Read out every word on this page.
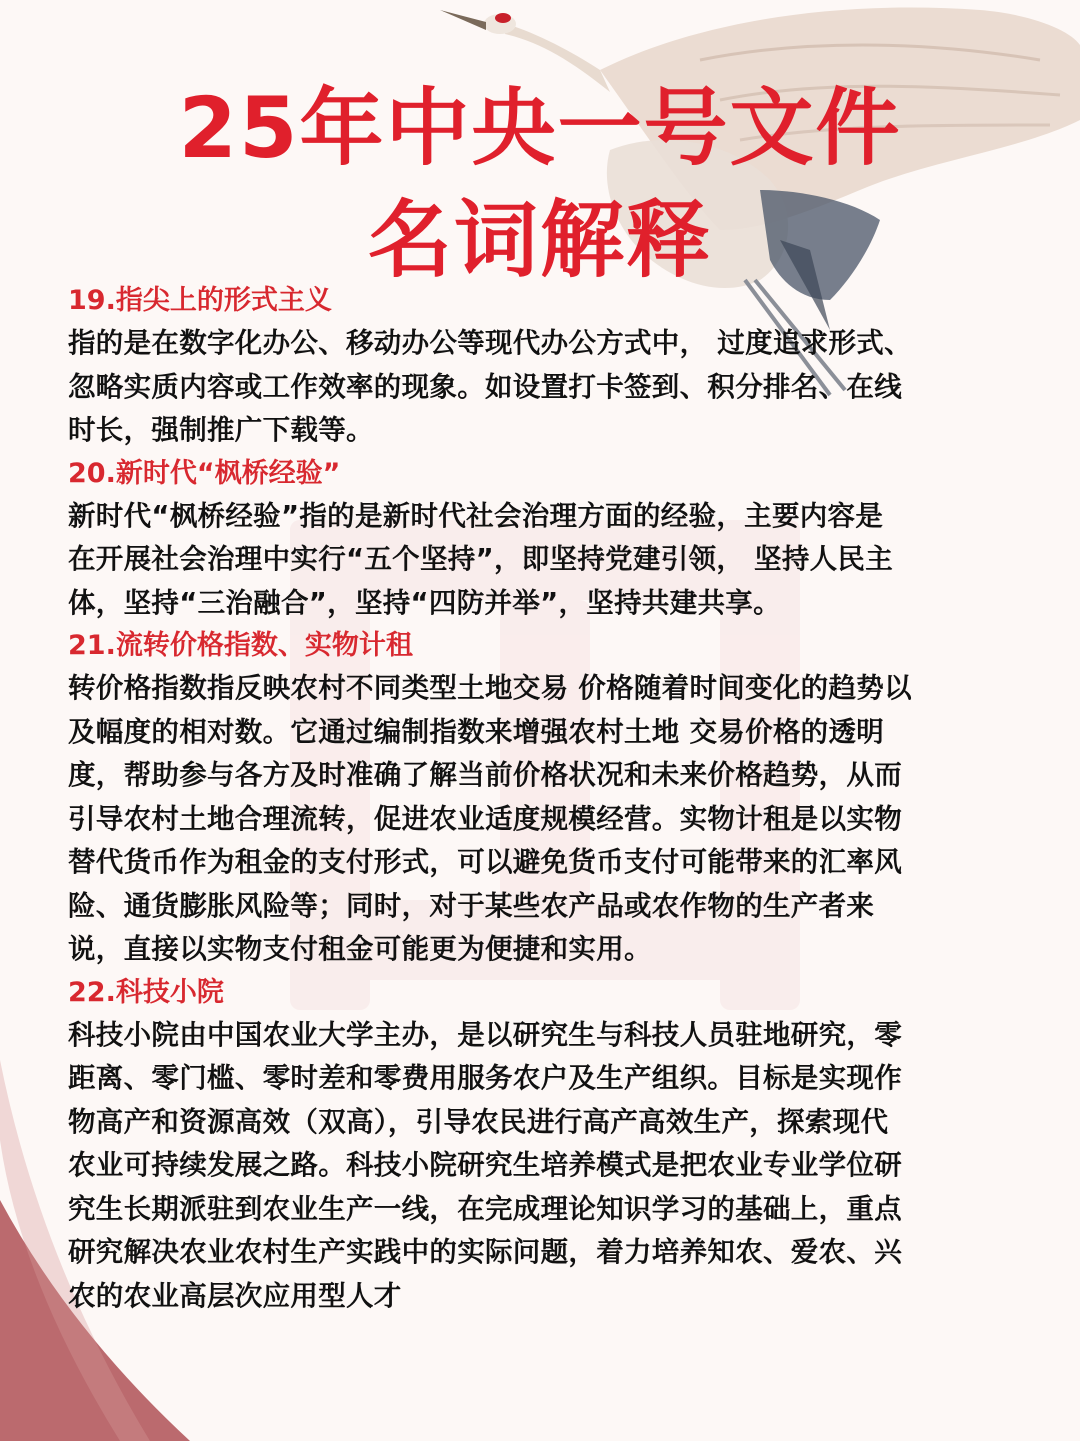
25年中央一号文件
名词解释
19.指尖上的形式主义
指的是在数字化办公、移动办公等现代办公方式中， 过度追求形式、
忽略实质内容或工作效率的现象。如设置打卡签到、积分排名、在线
时长，强制推广下载等。
20.新时代“枫桥经验”
新时代“枫桥经验”指的是新时代社会治理方面的经验，主要内容是
在开展社会治理中实行“五个坚持”，即坚持党建引领， 坚持人民主
体，坚持“三治融合”，坚持“四防并举”，坚持共建共享。
21.流转价格指数、实物计租
转价格指数指反映农村不同类型土地交易 价格随着时间变化的趋势以
及幅度的相对数。它通过编制指数来增强农村土地 交易价格的透明
度，帮助参与各方及时准确了解当前价格状况和未来价格趋势，从而
引导农村土地合理流转，促进农业适度规模经营。实物计租是以实物
替代货币作为租金的支付形式，可以避免货币支付可能带来的汇率风
险、通货膨胀风险等；同时，对于某些农产品或农作物的生产者来
说，直接以实物支付租金可能更为便捷和实用。
22.科技小院
科技小院由中国农业大学主办，是以研究生与科技人员驻地研究，零
距离、零门槛、零时差和零费用服务农户及生产组织。目标是实现作
物高产和资源高效（双高），引导农民进行高产高效生产，探索现代
农业可持续发展之路。科技小院研究生培养模式是把农业专业学位研
究生长期派驻到农业生产一线，在完成理论知识学习的基础上，重点
研究解决农业农村生产实践中的实际问题，着力培养知农、爱农、兴
农的农业高层次应用型人才
